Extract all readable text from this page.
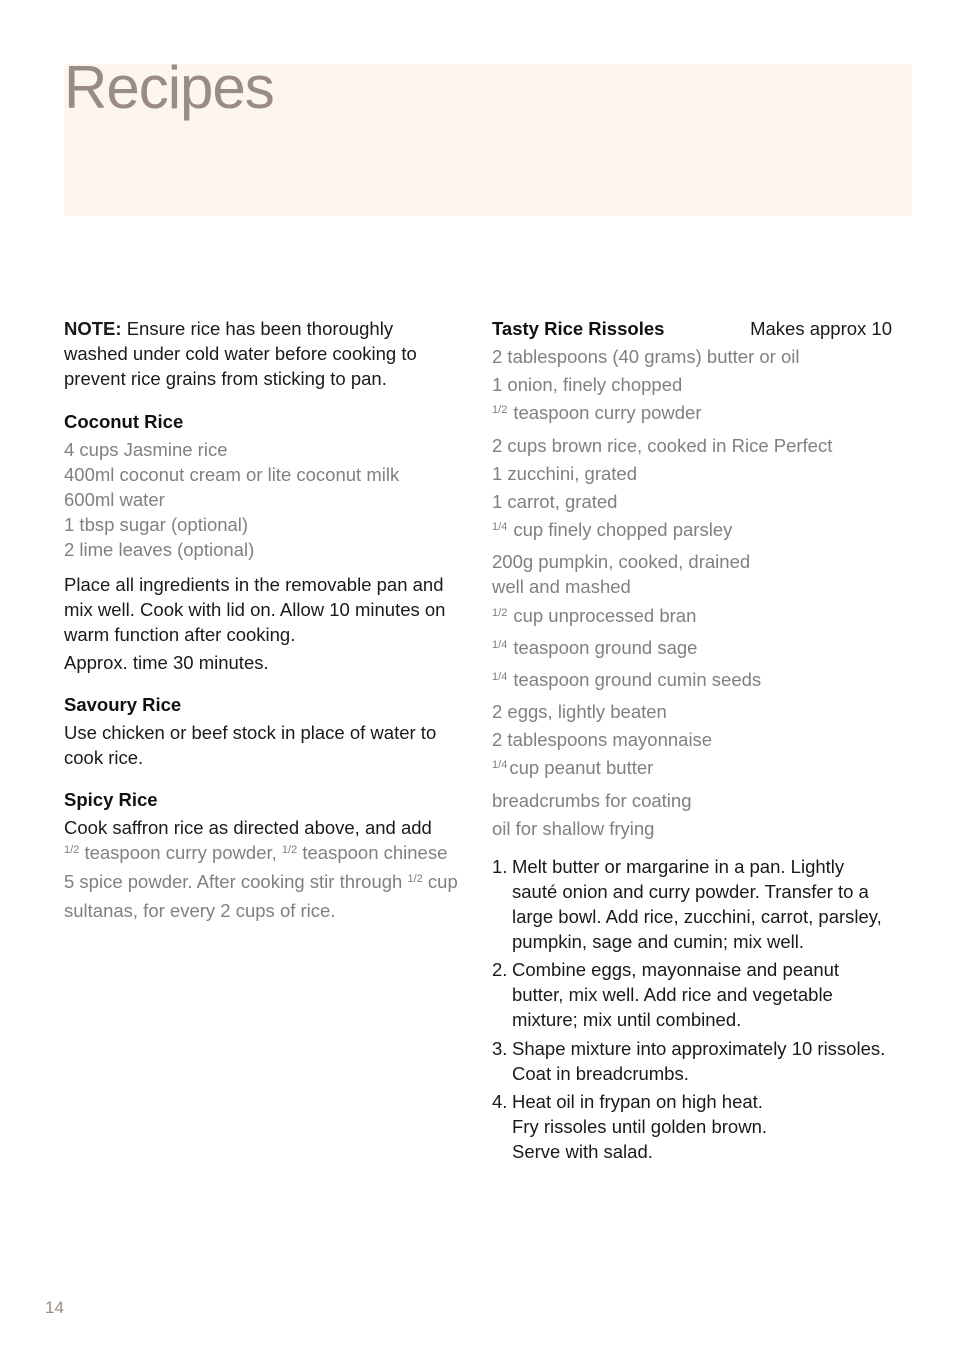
Recipes

NOTE: Ensure rice has been thoroughly washed under cold water before cooking to prevent rice grains from sticking to pan.

Coconut Rice

4 cups Jasmine rice

400ml coconut cream or lite coconut milk

600ml water

1 tbsp sugar (optional)

2 lime leaves (optional)

Place all ingredients in the removable pan and mix well. Cook with lid on. Allow 10 minutes on warm function after cooking.

Approx. time 30 minutes.

Savoury Rice

Use chicken or beef stock in place of water to cook rice.

Spicy Rice

Cook saffron rice as directed above, and add

$^{1/2}$ teaspoon curry powder, $^{1/2}$ teaspoon chinese 5 spice powder. After cooking stir through $^{1/2}$ cup sultanas, for every 2 cups of rice.

Tasty Rice Rissoles	Makes approx 10
2 tablespoons (40 grams) butter or oil
1 onion, finely chopped
$^{1/2}$ teaspoon curry powder
2 cups brown rice, cooked in Rice Perfect
1 zucchini, grated
1 carrot, grated
$^{1/4}$ cup finely chopped parsley
200g pumpkin, cooked, drained
well and mashed
$^{1/2}$ cup unprocessed bran
$^{1/4}$ teaspoon ground sage
$^{1/4}$ teaspoon ground cumin seeds
2 eggs, lightly beaten
2 tablespoons mayonnaise
$^{1/4}$ cup peanut butter
breadcrumbs for coating
oil for shallow frying
1. Melt butter or margarine in a pan. Lightly sauté onion and curry powder. Transfer to a large bowl. Add rice, zucchini, carrot, parsley, pumpkin, sage and cumin; mix well.
2. Combine eggs, mayonnaise and peanut butter, mix well. Add rice and vegetable mixture; mix until combined.
3. Shape mixture into approximately 10 rissoles. Coat in breadcrumbs.
4. Heat oil in frypan on high heat.
Fry rissoles until golden brown.
Serve with salad.
14
